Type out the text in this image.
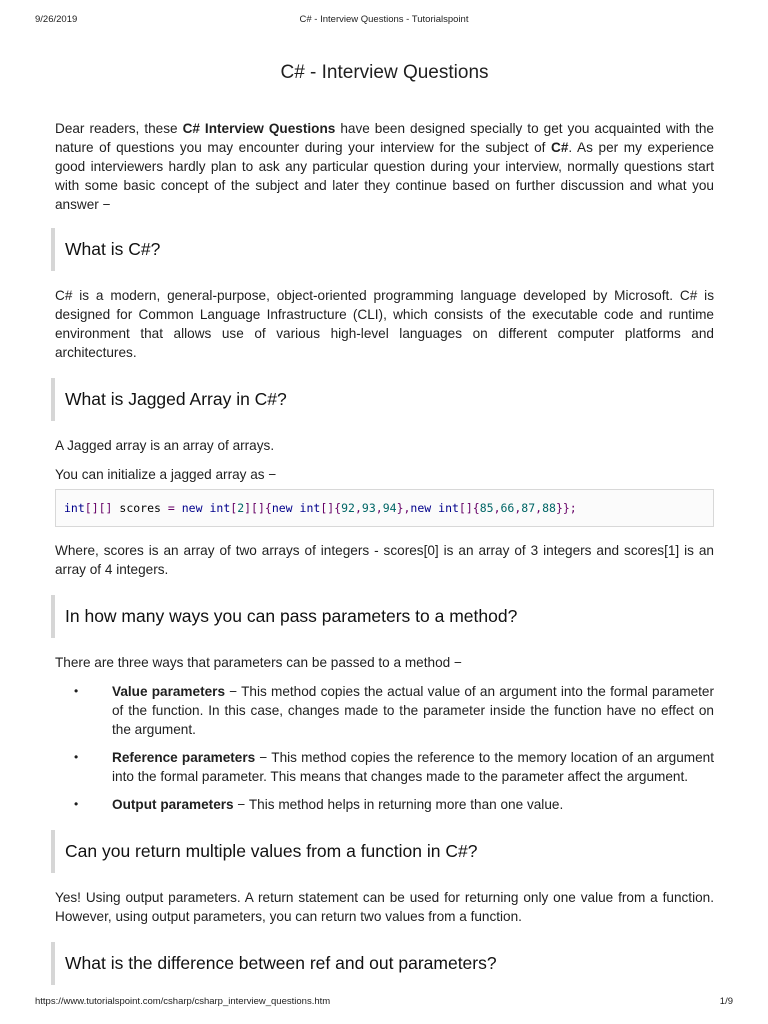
9/26/2019	C# - Interview Questions - Tutorialspoint
C# - Interview Questions

Dear readers, these C# Interview Questions have been designed specially to get you acquainted with the nature of questions you may encounter during your interview for the subject of C#. As per my experience good interviewers hardly plan to ask any particular question during your interview, normally questions start with some basic concept of the subject and later they continue based on further discussion and what you answer −

What is C#?

C# is a modern, general-purpose, object-oriented programming language developed by Microsoft. C# is designed for Common Language Infrastructure (CLI), which consists of the executable code and runtime environment that allows use of various high-level languages on different computer platforms and architectures.

What is Jagged Array in C#?

A Jagged array is an array of arrays.

You can initialize a jagged array as −

int[][] scores = new int[2][]{new int[]{92,93,94},new int[]{85,66,87,88}};

Where, scores is an array of two arrays of integers - scores[0] is an array of 3 integers and scores[1] is an array of 4 integers.

In how many ways you can pass parameters to a method?

There are three ways that parameters can be passed to a method −

• Value parameters − This method copies the actual value of an argument into the formal parameter of the function. In this case, changes made to the parameter inside the function have no effect on the argument.
• Reference parameters − This method copies the reference to the memory location of an argument into the formal parameter. This means that changes made to the parameter affect the argument.
• Output parameters − This method helps in returning more than one value.
Can you return multiple values from a function in C#?

Yes! Using output parameters. A return statement can be used for returning only one value from a function. However, using output parameters, you can return two values from a function.

What is the difference between ref and out parameters?
https://www.tutorialspoint.com/csharp/csharp_interview_questions.htm	1/9
